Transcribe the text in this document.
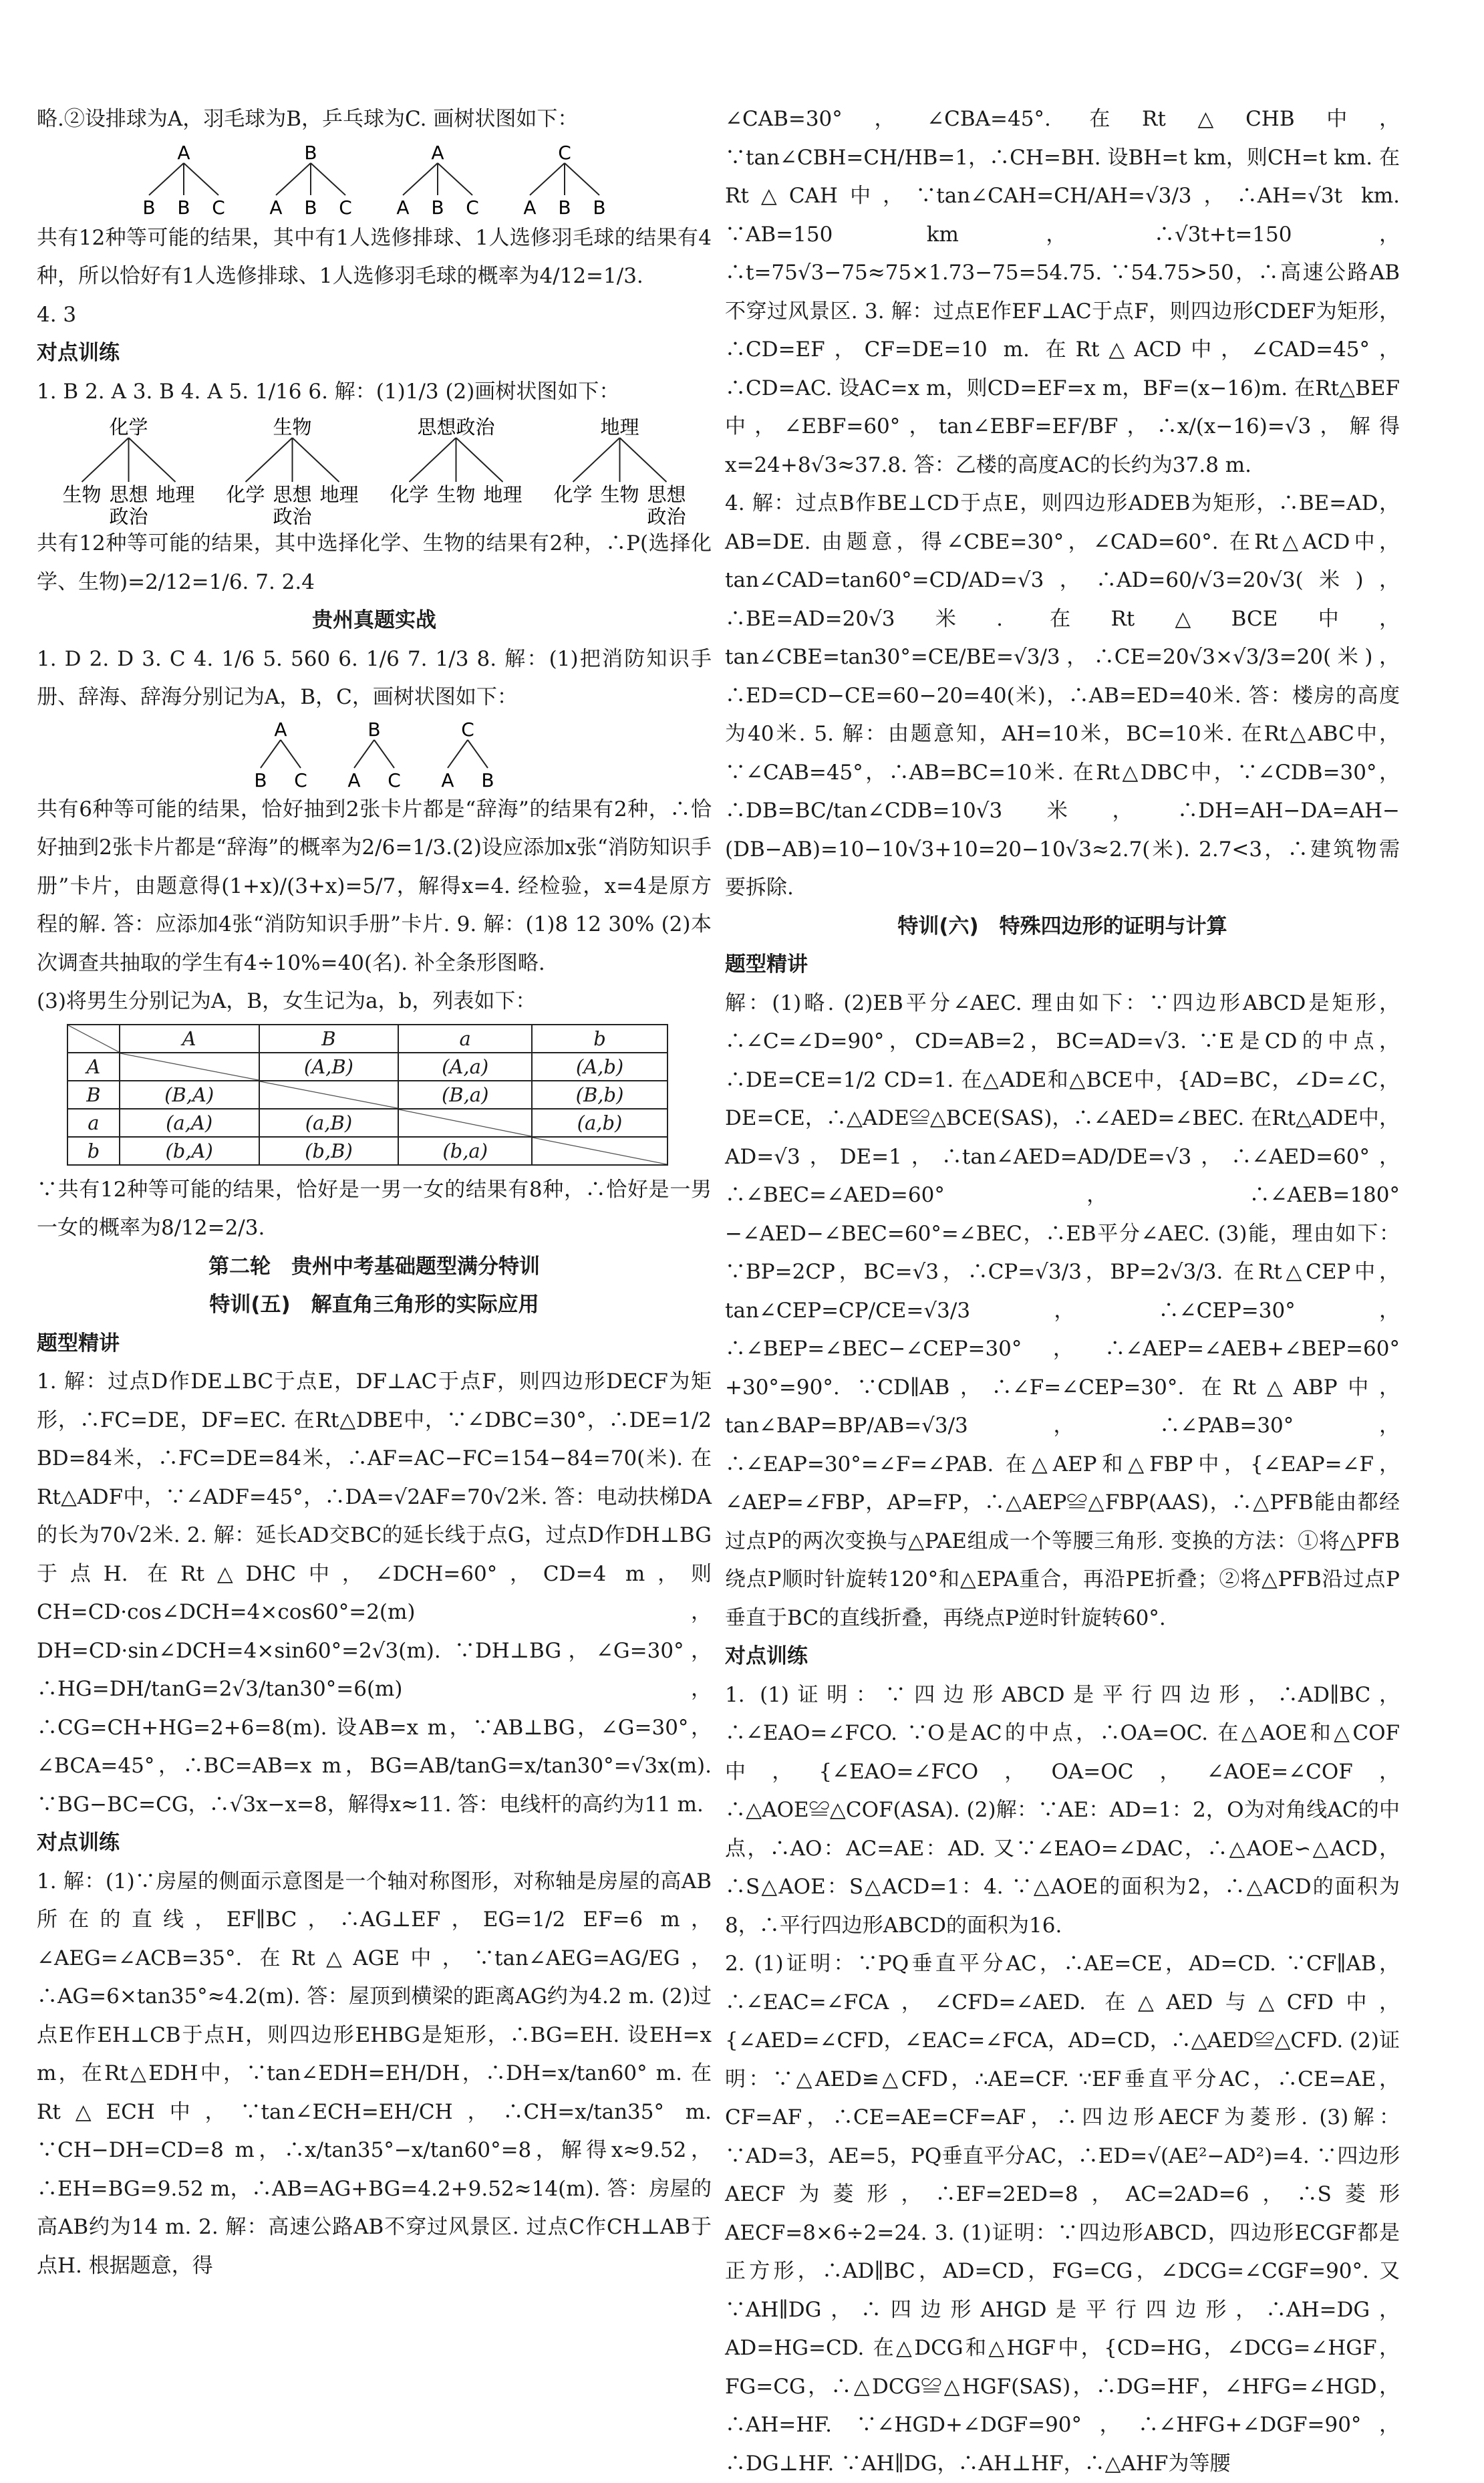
略.②设排球为A，羽毛球为B，乒乓球为C. 画树状图如下：

A
B B C
B
A B C
A
A B C
C
A B B

共有12种等可能的结果，其中有1人选修排球、1人选修羽毛球的结果有4种，所以恰好有1人选修排球、1人选修羽毛球的概率为4/12=1/3.

4. 3

对点训练

1. B 2. A 3. B 4. A 5. 1/16 6. 解：(1)1/3 (2)画树状图如下：

化学
生物 思想
政治
地理
生物
化学 思想
政治
地理
思想政治
化学 生物 地理
地理
化学 生物 思想
政治

共有12种等可能的结果，其中选择化学、生物的结果有2种，∴P(选择化学、生物)=2/12=1/6. 7. 2.4

贵州真题实战

1. D 2. D 3. C 4. 1/6 5. 560 6. 1/6 7. 1/3 8. 解：(1)把消防知识手册、辞海、辞海分别记为A，B，C，画树状图如下：

A
B C
B
A C
C
A B

共有6种等可能的结果，恰好抽到2张卡片都是“辞海”的结果有2种，∴恰好抽到2张卡片都是“辞海”的概率为2/6=1/3.(2)设应添加x张“消防知识手册”卡片，由题意得(1+x)/(3+x)=5/7，解得x=4. 经检验，x=4是原方程的解. 答：应添加4张“消防知识手册”卡片. 9. 解：(1)8 12 30% (2)本次调查共抽取的学生有4÷10%=40(名). 补全条形图略.

(3)将男生分别记为A，B，女生记为a，b，列表如下：

	A	B	a	b
A		(A,B)	(A,a)	(A,b)
B	(B,A)		(B,a)	(B,b)
a	(a,A)	(a,B)		(a,b)
b	(b,A)	(b,B)	(b,a)	

∵共有12种等可能的结果，恰好是一男一女的结果有8种，∴恰好是一男一女的概率为8/12=2/3.

第二轮　贵州中考基础题型满分特训

特训(五)　解直角三角形的实际应用

题型精讲

1. 解：过点D作DE⊥BC于点E，DF⊥AC于点F，则四边形DECF为矩形，∴FC=DE，DF=EC. 在Rt△DBE中，∵∠DBC=30°，∴DE=1/2 BD=84米，∴FC=DE=84米，∴AF=AC−FC=154−84=70(米). 在Rt△ADF中，∵∠ADF=45°，∴DA=√2AF=70√2米. 答：电动扶梯DA的长为70√2米. 2. 解：延长AD交BC的延长线于点G，过点D作DH⊥BG于点H. 在Rt△DHC中，∠DCH=60°，CD=4 m，则CH=CD·cos∠DCH=4×cos60°=2(m)，DH=CD·sin∠DCH=4×sin60°=2√3(m). ∵DH⊥BG，∠G=30°，∴HG=DH/tanG=2√3/tan30°=6(m)，∴CG=CH+HG=2+6=8(m). 设AB=x m，∵AB⊥BG，∠G=30°，∠BCA=45°，∴BC=AB=x m，BG=AB/tanG=x/tan30°=√3x(m). ∵BG−BC=CG，∴√3x−x=8，解得x≈11. 答：电线杆的高约为11 m.

对点训练

1. 解：(1)∵房屋的侧面示意图是一个轴对称图形，对称轴是房屋的高AB所在的直线，EF∥BC，∴AG⊥EF，EG=1/2 EF=6 m，∠AEG=∠ACB=35°. 在Rt△AGE中，∵tan∠AEG=AG/EG，∴AG=6×tan35°≈4.2(m). 答：屋顶到横梁的距离AG约为4.2 m. (2)过点E作EH⊥CB于点H，则四边形EHBG是矩形，∴BG=EH. 设EH=x m，在Rt△EDH中，∵tan∠EDH=EH/DH，∴DH=x/tan60° m. 在Rt△ECH中，∵tan∠ECH=EH/CH，∴CH=x/tan35° m. ∵CH−DH=CD=8 m，∴x/tan35°−x/tan60°=8，解得x≈9.52，∴EH=BG=9.52 m，∴AB=AG+BG=4.2+9.52≈14(m). 答：房屋的高AB约为14 m. 2. 解：高速公路AB不穿过风景区. 过点C作CH⊥AB于点H. 根据题意，得

∠CAB=30°，∠CBA=45°. 在Rt△CHB中，∵tan∠CBH=CH/HB=1，∴CH=BH. 设BH=t km，则CH=t km. 在Rt△CAH中，∵tan∠CAH=CH/AH=√3/3，∴AH=√3t km. ∵AB=150 km，∴√3t+t=150，∴t=75√3−75≈75×1.73−75=54.75. ∵54.75>50，∴高速公路AB不穿过风景区. 3. 解：过点E作EF⊥AC于点F，则四边形CDEF为矩形，∴CD=EF，CF=DE=10 m. 在Rt△ACD中，∠CAD=45°，∴CD=AC. 设AC=x m，则CD=EF=x m，BF=(x−16)m. 在Rt△BEF中，∠EBF=60°，tan∠EBF=EF/BF，∴x/(x−16)=√3，解得x=24+8√3≈37.8. 答：乙楼的高度AC的长约为37.8 m.

4. 解：过点B作BE⊥CD于点E，则四边形ADEB为矩形，∴BE=AD，AB=DE. 由题意，得∠CBE=30°，∠CAD=60°. 在Rt△ACD中，tan∠CAD=tan60°=CD/AD=√3，∴AD=60/√3=20√3(米)，∴BE=AD=20√3米. 在Rt△BCE中，tan∠CBE=tan30°=CE/BE=√3/3，∴CE=20√3×√3/3=20(米)，∴ED=CD−CE=60−20=40(米)，∴AB=ED=40米. 答：楼房的高度为40米. 5. 解：由题意知，AH=10米，BC=10米. 在Rt△ABC中，∵∠CAB=45°，∴AB=BC=10米. 在Rt△DBC中，∵∠CDB=30°，∴DB=BC/tan∠CDB=10√3米，∴DH=AH−DA=AH−(DB−AB)=10−10√3+10=20−10√3≈2.7(米). 2.7<3，∴建筑物需要拆除.

特训(六)　特殊四边形的证明与计算

题型精讲

解：(1)略. (2)EB平分∠AEC. 理由如下：∵四边形ABCD是矩形，∴∠C=∠D=90°，CD=AB=2，BC=AD=√3. ∵E是CD的中点，∴DE=CE=1/2 CD=1. 在△ADE和△BCE中，{AD=BC，∠D=∠C，DE=CE，∴△ADE≌△BCE(SAS)，∴∠AED=∠BEC. 在Rt△ADE中，AD=√3，DE=1，∴tan∠AED=AD/DE=√3，∴∠AED=60°，∴∠BEC=∠AED=60°，∴∠AEB=180°−∠AED−∠BEC=60°=∠BEC，∴EB平分∠AEC. (3)能，理由如下：∵BP=2CP，BC=√3，∴CP=√3/3，BP=2√3/3. 在Rt△CEP中，tan∠CEP=CP/CE=√3/3，∴∠CEP=30°，∴∠BEP=∠BEC−∠CEP=30°，∴∠AEP=∠AEB+∠BEP=60°+30°=90°. ∵CD∥AB，∴∠F=∠CEP=30°. 在Rt△ABP中，tan∠BAP=BP/AB=√3/3，∴∠PAB=30°，∴∠EAP=30°=∠F=∠PAB. 在△AEP和△FBP中，{∠EAP=∠F，∠AEP=∠FBP，AP=FP，∴△AEP≌△FBP(AAS)，∴△PFB能由都经过点P的两次变换与△PAE组成一个等腰三角形. 变换的方法：①将△PFB绕点P顺时针旋转120°和△EPA重合，再沿PE折叠；②将△PFB沿过点P垂直于BC的直线折叠，再绕点P逆时针旋转60°.

对点训练

1. (1)证明：∵四边形ABCD是平行四边形，∴AD∥BC，∴∠EAO=∠FCO. ∵O是AC的中点，∴OA=OC. 在△AOE和△COF中，{∠EAO=∠FCO，OA=OC，∠AOE=∠COF，∴△AOE≌△COF(ASA). (2)解：∵AE：AD=1：2，O为对角线AC的中点，∴AO：AC=AE：AD. 又∵∠EAO=∠DAC，∴△AOE∽△ACD，∴S△AOE：S△ACD=1：4. ∵△AOE的面积为2，∴△ACD的面积为8，∴平行四边形ABCD的面积为16.

2. (1)证明：∵PQ垂直平分AC，∴AE=CE，AD=CD. ∵CF∥AB，∴∠EAC=∠FCA，∠CFD=∠AED. 在△AED与△CFD中，{∠AED=∠CFD，∠EAC=∠FCA，AD=CD，∴△AED≌△CFD. (2)证明：∵△AED≌△CFD，∴AE=CF. ∵EF垂直平分AC，∴CE=AE，CF=AF，∴CE=AE=CF=AF，∴四边形AECF为菱形. (3)解：∵AD=3，AE=5，PQ垂直平分AC，∴ED=√(AE²−AD²)=4. ∵四边形AECF为菱形，∴EF=2ED=8，AC=2AD=6，∴S菱形AECF=8×6÷2=24. 3. (1)证明：∵四边形ABCD，四边形ECGF都是正方形，∴AD∥BC，AD=CD，FG=CG，∠DCG=∠CGF=90°. 又∵AH∥DG，∴四边形AHGD是平行四边形，∴AH=DG，AD=HG=CD. 在△DCG和△HGF中，{CD=HG，∠DCG=∠HGF，FG=CG，∴△DCG≌△HGF(SAS)，∴DG=HF，∠HFG=∠HGD，∴AH=HF. ∵∠HGD+∠DGF=90°，∴∠HFG+∠DGF=90°，∴DG⊥HF. ∵AH∥DG，∴AH⊥HF，∴△AHF为等腰
